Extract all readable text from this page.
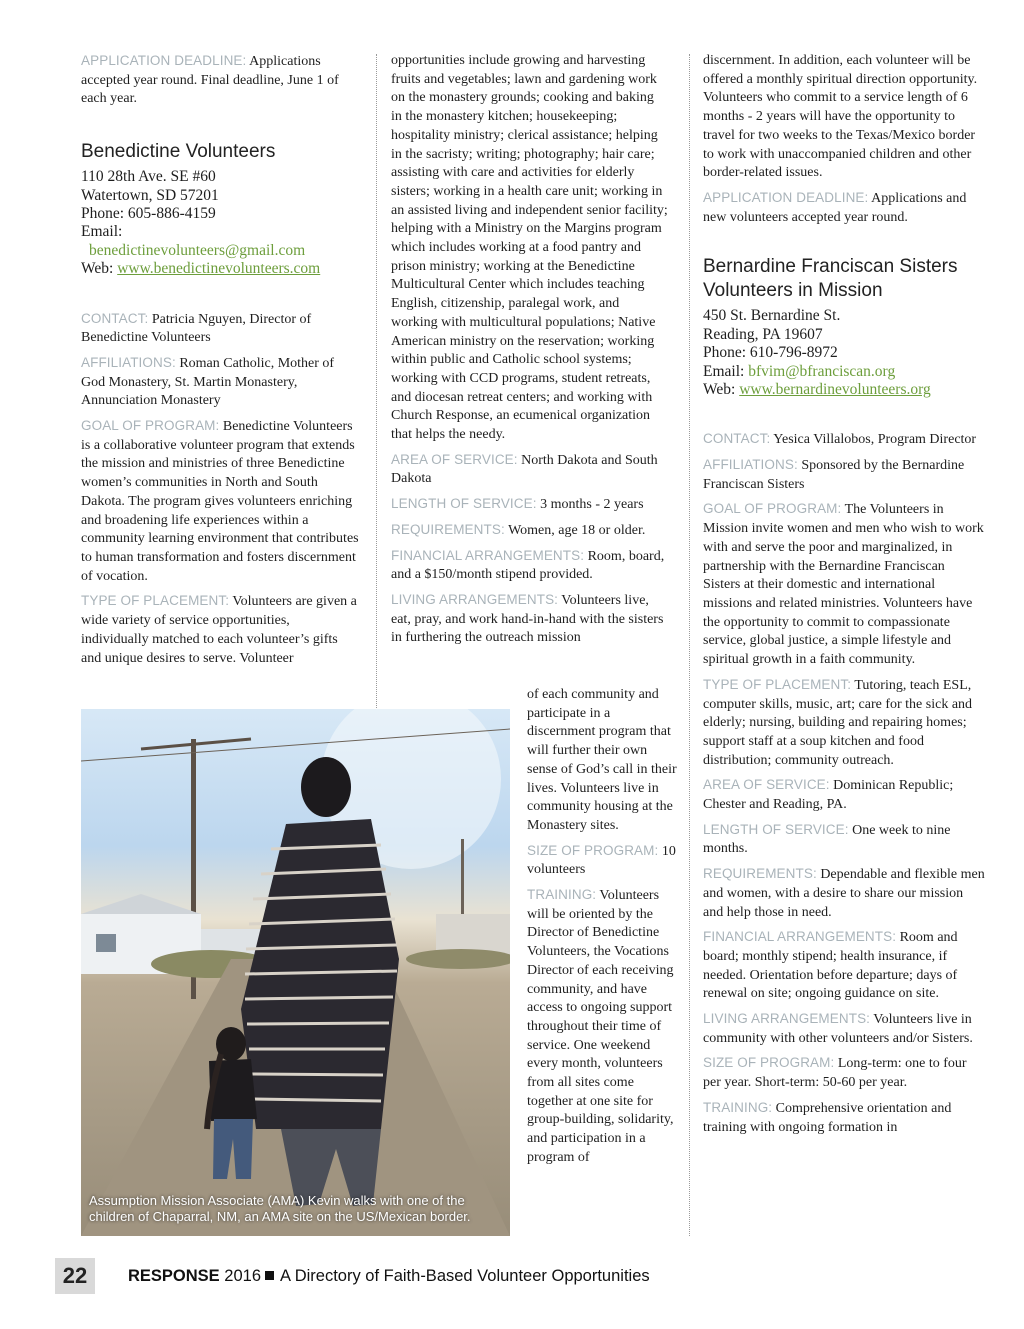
APPLICATION DEADLINE: Applications accepted year round. Final deadline, June 1 of each year.

Benedictine Volunteers
110 28th Ave. SE #60
Watertown, SD 57201
Phone: 605-886-4159
Email:
benedictinevolunteers@gmail.com
Web: www.benedictinevolunteers.com

CONTACT: Patricia Nguyen, Director of Benedictine Volunteers

AFFILIATIONS: Roman Catholic, Mother of God Monastery, St. Martin Monastery, Annunciation Monastery

GOAL OF PROGRAM: Benedictine Volunteers is a collaborative volunteer program that extends the mission and ministries of three Benedictine women’s communities in North and South Dakota. The program gives volunteers enriching and broadening life experiences within a community learning environment that contributes to human transformation and fosters discernment of vocation.

TYPE OF PLACEMENT: Volunteers are given a wide variety of service opportunities, individually matched to each volunteer’s gifts and unique desires to serve. Volunteer

opportunities include growing and harvesting fruits and vegetables; lawn and gardening work on the monastery grounds; cooking and baking in the monastery kitchen; housekeeping; hospitality ministry; clerical assistance; helping in the sacristy; writing; photography; hair care; assisting with care and activities for elderly sisters; working in a health care unit; working in an assisted living and independent senior facility; helping with a Ministry on the Margins program which includes working at a food pantry and prison ministry; working at the Benedictine Multicultural Center which includes teaching English, citizenship, paralegal work, and working with multicultural populations; Native American ministry on the reservation; working within public and Catholic school systems; working with CCD programs, student retreats, and diocesan retreat centers; and working with Church Response, an ecumenical organization that helps the needy.

AREA OF SERVICE: North Dakota and South Dakota

LENGTH OF SERVICE: 3 months - 2 years

REQUIREMENTS: Women, age 18 or older.

FINANCIAL ARRANGEMENTS: Room, board, and a $150/month stipend provided.

LIVING ARRANGEMENTS: Volunteers live, eat, pray, and work hand-in-hand with the sisters in furthering the outreach mission

of each community and participate in a discernment program that will further their own sense of God’s call in their lives. Volunteers live in community housing at the Monastery sites.

SIZE OF PROGRAM: 10 volunteers

TRAINING: Volunteers will be oriented by the Director of Benedictine Volunteers, the Vocations Director of each receiving community, and have access to ongoing support throughout their time of service. One weekend every month, volunteers from all sites come together at one site for group-building, solidarity, and participation in a program of

Assumption Mission Associate (AMA) Kevin walks with one of the children of Chaparral, NM, an AMA site on the US/Mexican border.

discernment. In addition, each volunteer will be offered a monthly spiritual direction opportunity. Volunteers who commit to a service length of 6 months - 2 years will have the opportunity to travel for two weeks to the Texas/Mexico border to work with unaccompanied children and other border-related issues.

APPLICATION DEADLINE: Applications and new volunteers accepted year round.

Bernardine Franciscan Sisters
Volunteers in Mission
450 St. Bernardine St.
Reading, PA 19607
Phone: 610-796-8972
Email: bfvim@bfranciscan.org
Web: www.bernardinevolunteers.org

CONTACT: Yesica Villalobos, Program Director

AFFILIATIONS: Sponsored by the Bernardine Franciscan Sisters

GOAL OF PROGRAM: The Volunteers in Mission invite women and men who wish to work with and serve the poor and marginalized, in partnership with the Bernardine Franciscan Sisters at their domestic and international missions and related ministries. Volunteers have the opportunity to commit to compassionate service, global justice, a simple lifestyle and spiritual growth in a faith community.

TYPE OF PLACEMENT: Tutoring, teach ESL, computer skills, music, art; care for the sick and elderly; nursing, building and repairing homes; support staff at a soup kitchen and food distribution; community outreach.

AREA OF SERVICE: Dominican Republic; Chester and Reading, PA.

LENGTH OF SERVICE: One week to nine months.

REQUIREMENTS: Dependable and flexible men and women, with a desire to share our mission and help those in need.

FINANCIAL ARRANGEMENTS: Room and board; monthly stipend; health insurance, if needed. Orientation before departure; days of renewal on site; ongoing guidance on site.

LIVING ARRANGEMENTS: Volunteers live in community with other volunteers and/or Sisters.

SIZE OF PROGRAM: Long-term: one to four per year. Short-term: 50-60 per year.

TRAINING: Comprehensive orientation and training with ongoing formation in

22	RESPONSE 2016 A Directory of Faith-Based Volunteer Opportunities
